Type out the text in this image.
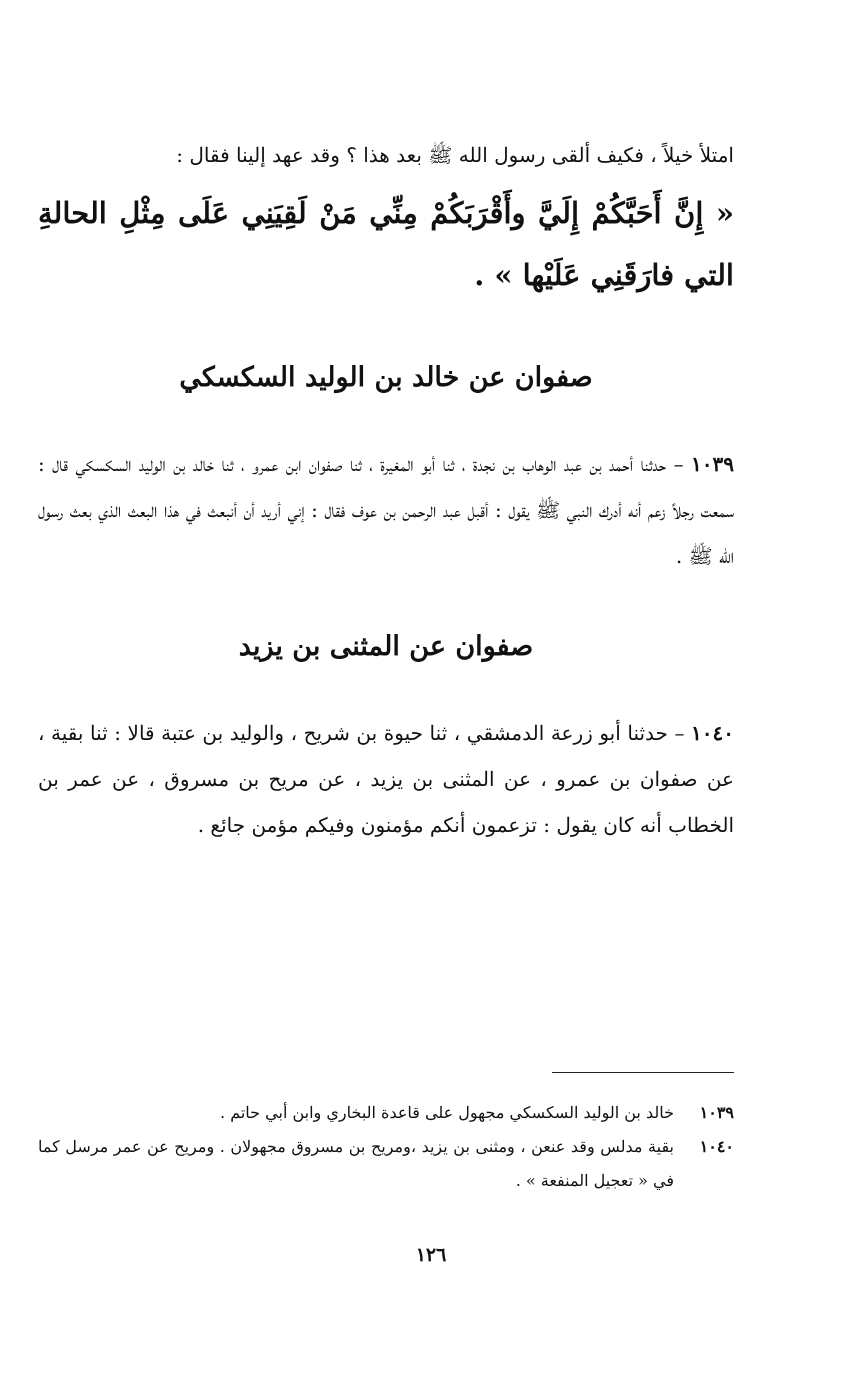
امتلأ خيلاً ، فكيف ألقى رسول الله ﷺ بعد هذا ؟ وقد عهد إلينا فقال :

« إِنَّ أَحَبَّكُمْ إِلَيَّ وأَقْرَبَكُمْ مِنِّي مَنْ لَقِيَنِي عَلَى مِثْلِ الحالةِ التي فارَقَنِي عَلَيْها » .

صفوان عن خالد بن الوليد السكسكي

١٠٣٩ – حدثنا أحمد بن عبد الوهاب بن نجدة ، ثنا أبو المغيرة ، ثنا صفوان ابن عمرو ، ثنا خالد بن الوليد السكسكي قال : سمعت رجلاً زعم أنه أدرك النبي ﷺ يقول : أقبل عبد الرحمن بن عوف فقال : إني أريد أن أنبعث في هذا البعث الذي بعث رسول الله ﷺ .

صفوان عن المثنى بن يزيد

١٠٤٠ – حدثنا أبو زرعة الدمشقي ، ثنا حيوة بن شريح ، والوليد بن عتبة قالا : ثنا بقية ، عن صفوان بن عمرو ، عن المثنى بن يزيد ، عن مريح بن مسروق ، عن عمر بن الخطاب أنه كان يقول : تزعمون أنكم مؤمنون وفيكم مؤمن جائع .

١٠٣٩
خالد بن الوليد السكسكي مجهول على قاعدة البخاري وابن أبي حاتم .
١٠٤٠
بقية مدلس وقد عنعن ، ومثنى بن يزيد ،ومريح بن مسروق مجهولان . ومريح عن عمر مرسل كما في « تعجيل المنفعة » .
١٢٦
